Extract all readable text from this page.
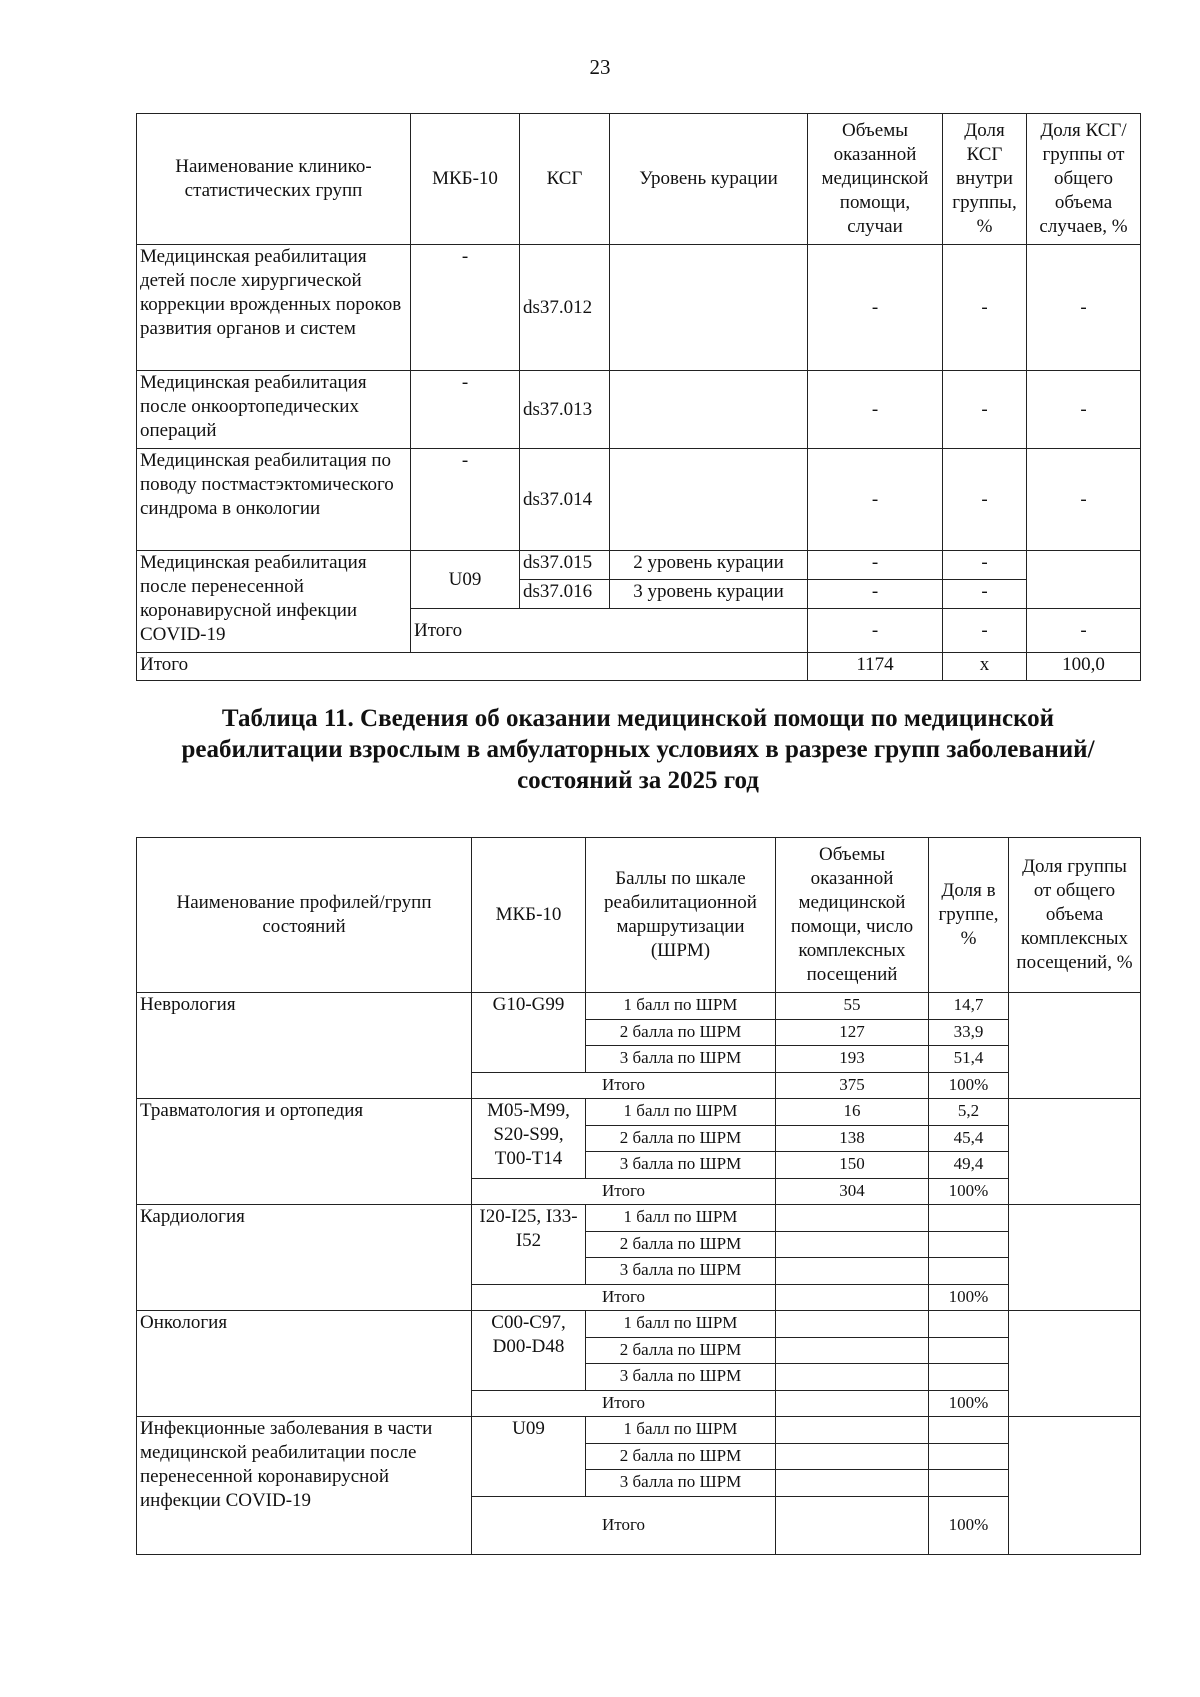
23
Наименование клинико-статистических групп	МКБ-10	КСГ	Уровень курации	Объемы оказанной медицинской помощи, случаи	Доля КСГ внутри группы, %	Доля КСГ/ группы от общего объема случаев, %
Медицинская реабилитация детей после хирургической коррекции врожденных пороков развития органов и систем	-	ds37.012		-	-	-
Медицинская реабилитация после онкоортопедических операций	-	ds37.013		-	-	-
Медицинская реабилитация по поводу постмастэктомического синдрома в онкологии	-	ds37.014		-	-	-
Медицинская реабилитация после перенесенной коронавирусной инфекции COVID-19	U09	ds37.015	2 уровень курации	-	-	
		ds37.016	3 уровень курации	-	-	
	Итого			-	-	-
Итого				1174	х	100,0
Таблица 11. Сведения об оказании медицинской помощи по медицинской реабилитации взрослым в амбулаторных условиях в разрезе групп заболеваний/состояний за 2025 год
Наименование профилей/групп состояний	МКБ-10	Баллы по шкале реабилитационной маршрутизации (ШРМ)	Объемы оказанной медицинской помощи, число комплексных посещений	Доля в группе, %	Доля группы от общего объема комплексных посещений, %
Неврология	G10-G99	1 балл по ШРМ	55	14,7	
		2 балла по ШРМ	127	33,9	
		3 балла по ШРМ	193	51,4	
	Итого		375	100%	
Травматология и ортопедия	M05-M99, S20-S99, T00-T14	1 балл по ШРМ	16	5,2	
		2 балла по ШРМ	138	45,4	
		3 балла по ШРМ	150	49,4	
	Итого		304	100%	
Кардиология	I20-I25, I33-I52	1 балл по ШРМ			
		2 балла по ШРМ			
		3 балла по ШРМ			
	Итого			100%	
Онкология	C00-C97, D00-D48	1 балл по ШРМ			
		2 балла по ШРМ			
		3 балла по ШРМ			
	Итого			100%	
Инфекционные заболевания в части медицинской реабилитации после перенесенной коронавирусной инфекции COVID-19	U09	1 балл по ШРМ			
		2 балла по ШРМ			
		3 балла по ШРМ			
	Итого			100%	
